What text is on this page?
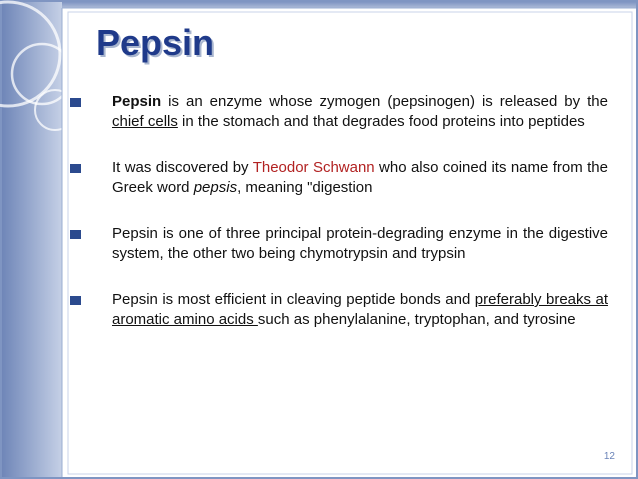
Pepsin
Pepsin is an enzyme whose zymogen (pepsinogen) is released by the chief cells in the stomach and that degrades food proteins into peptides
It was discovered by Theodor Schwann who also coined its name from the Greek word pepsis, meaning "digestion
Pepsin is one of three principal protein-degrading enzyme in the digestive system, the other two being chymotrypsin and trypsin
Pepsin is most efficient in cleaving peptide bonds and preferably breaks at aromatic amino acids such as phenylalanine, tryptophan, and tyrosine
12
